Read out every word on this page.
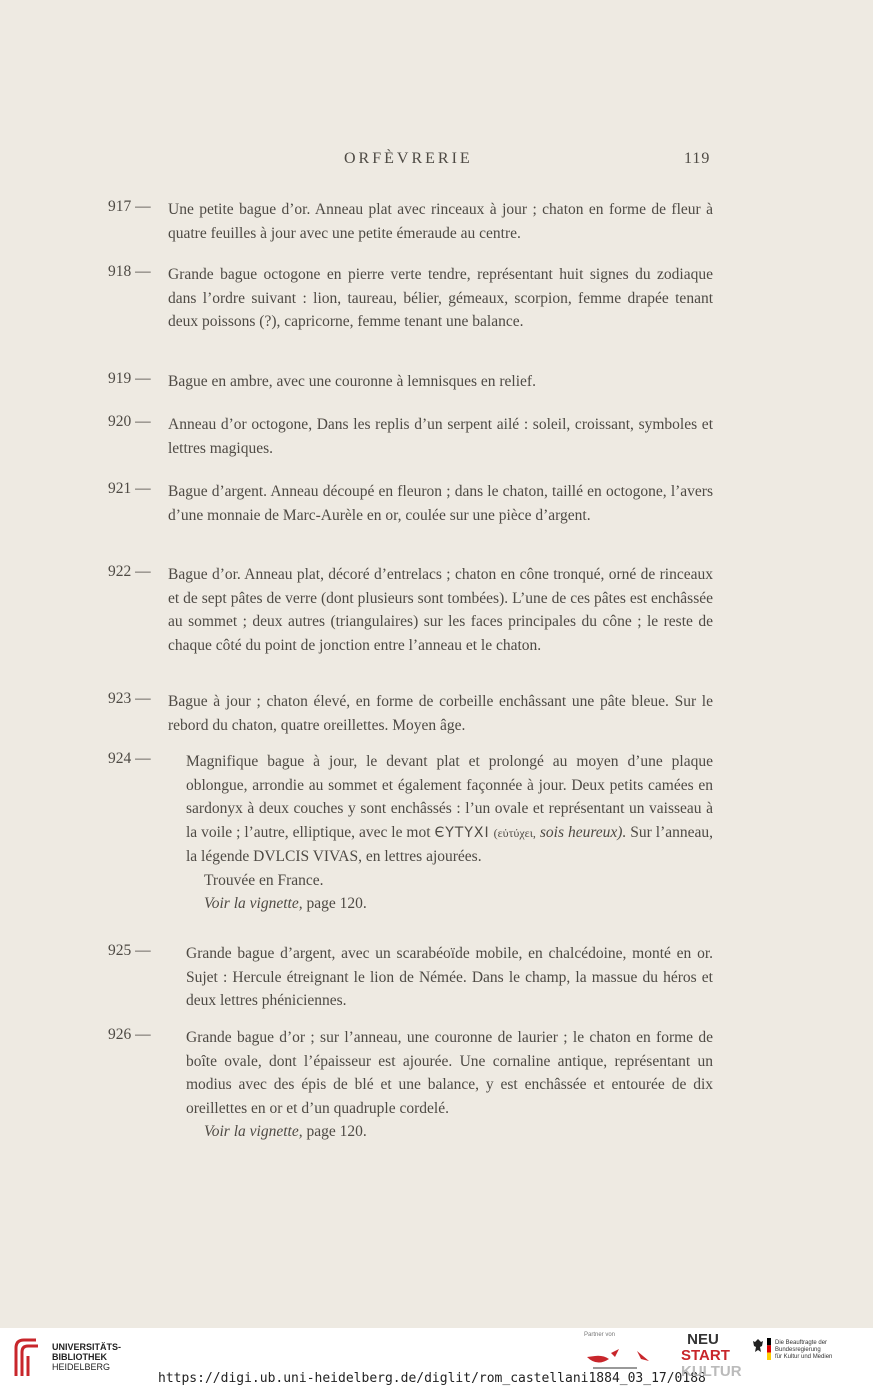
ORFÈVRERIE	119
917 — Une petite bague d’or. Anneau plat avec rinceaux à jour ; chaton en forme de fleur à quatre feuilles à jour avec une petite émeraude au centre.
918 — Grande bague octogone en pierre verte tendre, représentant huit signes du zodiaque dans l’ordre suivant : lion, taureau, bélier, gémeaux, scorpion, femme drapée tenant deux poissons (?), capricorne, femme tenant une balance.
919 — Bague en ambre, avec une couronne à lemnisques en relief.
920 — Anneau d’or octogone, Dans les replis d’un serpent ailé : soleil, croissant, symboles et lettres magiques.
921 — Bague d’argent. Anneau découpé en fleuron ; dans le chaton, taillé en octogone, l’avers d’une monnaie de Marc-Aurèle en or, coulée sur une pièce d’argent.
922 — Bague d’or. Anneau plat, décoré d’entrelacs ; chaton en cône tronqué, orné de rinceaux et de sept pâtes de verre (dont plusieurs sont tombées). L’une de ces pâtes est enchâssée au sommet ; deux autres (triangulaires) sur les faces principales du cône ; le reste de chaque côté du point de jonction entre l’anneau et le chaton.
923 — Bague à jour ; chaton élevé, en forme de corbeille enchâssant une pâte bleue. Sur le rebord du chaton, quatre oreillettes. Moyen âge.
924 — Magnifique bague à jour, le devant plat et prolongé au moyen d’une plaque oblongue, arrondie au sommet et également façonnée à jour. Deux petits camées en sardonyx à deux couches y sont enchâssés : l’un ovale et représentant un vaisseau à la voile ; l’autre, elliptique, avec le mot ЄΥΤΥΧΙ (εὐτύχει, sois heureux). Sur l’anneau, la légende DVLCIS VIVAS, en lettres ajourées.

Trouvée en France.

Voir la vignette, page 120.

925 — Grande bague d’argent, avec un scarabéoïde mobile, en chalcédoine, monté en or. Sujet : Hercule étreignant le lion de Némée. Dans le champ, la massue du héros et deux lettres phéniciennes.
926 — Grande bague d’or ; sur l’anneau, une couronne de laurier ; le chaton en forme de boîte ovale, dont l’épaisseur est ajourée. Une cornaline antique, représentant un modius avec des épis de blé et une balance, y est enchâssée et entourée de dix oreillettes en or et d’un quadruple cordelé.

Voir la vignette, page 120.

UNIVERSITÄTS-
BIBLIOTHEK
HEIDELBERG
https://digi.ub.uni-heidelberg.de/diglit/rom_castellani1884_03_17/0188
Partner von	NEU
START
KULTUR
Die Beauftragte der Bundesregierung
für Kultur und Medien
